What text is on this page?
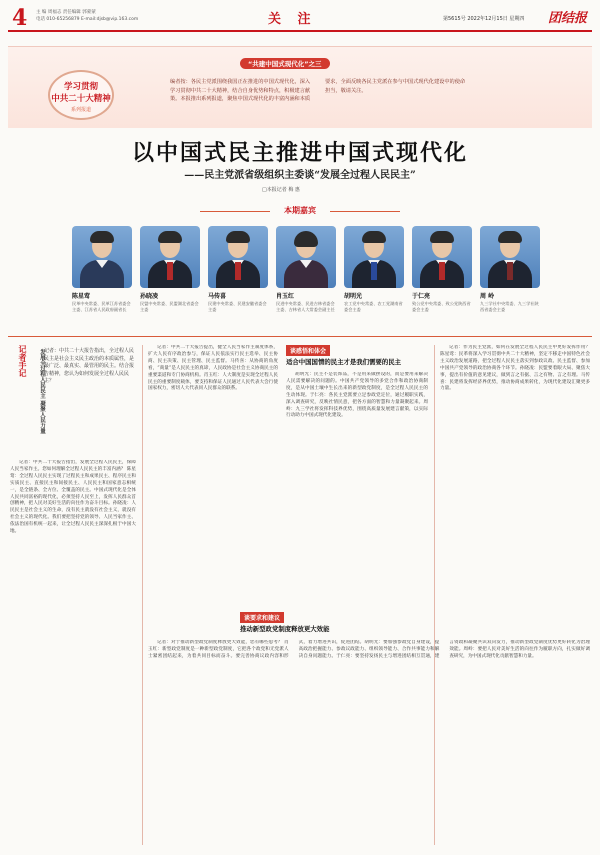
4 主 编 周福志 责任编辑 郭蒙蒙
电话 010-65256879 E-mail:djsb@vip.163.com	关 注	第5615号 2022年12月15日 星期四 团结报
“共建中国式现代化”之三
学习贯彻
中共二十大精神
系列报道
编者按：各民主党派围绕我国正在推进的中国式现代化，深入学习贯彻中共二十大精神，结合自身优势和特点，积极建言献策。本报推出系列报道，聚焦中国式现代化的丰富内涵和本质要求，全面反映各民主党派在参与中国式现代化建设中的使命担当，敬请关注。
以中国式民主推进中国式现代化
——民主党派省级组织主委谈“发展全过程人民民主”
□本报记者 梅 惠
本期嘉宾
陈星莺
民革中央常委、民革江苏省委会主委、江苏省人民政府副省长
孙晓凌
民盟中央常委、民盟湖北省委会主委
马传喜
民建中央常委、民建安徽省委会主委
肖玉红
民进中央常委、民进吉林省委会主委、吉林省人大常委会副主任
胡明光
农工党中央常委、农工党湖南省委会主委
于仁亮
致公党中央常委、致公党陕西省委会主委
周 岭
九三学社中央常委、九三学社陕西省委会主委
记者手记	发展全过程人民民主 凝聚人民力量 记者：中共二十大报告指出，全过程人民民主是社会主义民主政治的本质属性，是最广泛、最真实、最管用的民主。结合报告精神，您认为如何发展全过程人民民主？

记者：中共二十大报告指出，发展全过程人民民主，保障人民当家作主。您如何理解全过程人民民主的丰富内涵？ 陈星莺：全过程人民民主实现了过程民主和成果民主、程序民主和实质民主、直接民主和间接民主、人民民主和国家意志相统一，是全链条、全方位、全覆盖的民主。中国式现代化是全体人民共同富裕的现代化，必须坚持人民至上，发挥人民群众首创精神，把人民对美好生活的向往作为奋斗目标。孙晓凌：人民民主是社会主义的生命，没有民主就没有社会主义，就没有社会主义的现代化。我们要把坚持党的领导、人民当家作主、依法治国有机统一起来，让全过程人民民主深深扎根于中国大地。

记者：中共二十大报告提出，健全人民当家作主制度体系，扩大人民有序政治参与，保证人民依法实行民主选举、民主协商、民主决策、民主管理、民主监督。马传喜：从协商的角度看，“商量”是人民民主的真谛，人民政协是社会主义协商民主的重要渠道和专门协商机构。肖玉红：人大制度是实现全过程人民民主的重要制度载体，要支持和保证人民通过人民代表大会行使国家权力，密切人大代表同人民群众的联系。

谈感悟和体会
适合中国国情的民主才是我们需要的民主

胡明光：民主不是装饰品，不是用来做摆设的，而是要用来解决人民需要解决的问题的。中国共产党领导的多党合作和政治协商制度，是从中国土壤中生长出来的新型政党制度，是全过程人民民主的生动体现。于仁亮：各民主党派要立足参政党定位，通过履职实践，深入调查研究，反映社情民意，把各方面的智慧和力量凝聚起来。周岭：九三学社将发挥科技界优势，围绕高质量发展建言献策，以实际行动助力中国式现代化建设。

记者：作为民主党派，如何在发展全过程人民民主中更好发挥作用？ 陈星莺：民革将深入学习贯彻中共二十大精神，坚定不移走中国特色社会主义政治发展道路，把全过程人民民主落实到参政议政、民主监督、参加中国共产党领导的政治协商各个环节。孙晓凌：民盟要着眼大局、聚焦大事，提出有价值的意见建议，做到言之有据、言之有物、言之有理。马传喜：民建将发挥经济界优势，推动协商成果转化，为现代化建设汇聚更多力量。

谈要求和建议
推动新型政党制度释放更大效能

记者：对于推动新型政党制度释放更大效能，您有哪些思考？ 肖玉红：新型政党制度是一种新型政党制度，它把各个政党和无党派人士紧密团结起来，为着共同目标而奋斗。要完善协商议政内容和形式，着力增进共识，促进团结。胡明光：要加强参政党自身建设，提高政治把握能力、参政议政能力、组织领导能力、合作共事能力和解决自身问题能力。于仁亮：要坚持发扬民主与增进团结相互贯通，建言资政和凝聚共识双向发力，推动新型政党制度优势更好转化为治理效能。周岭：要把人民对美好生活的向往作为履职方向，扎实做好调查研究，为中国式现代化贡献智慧和力量。
